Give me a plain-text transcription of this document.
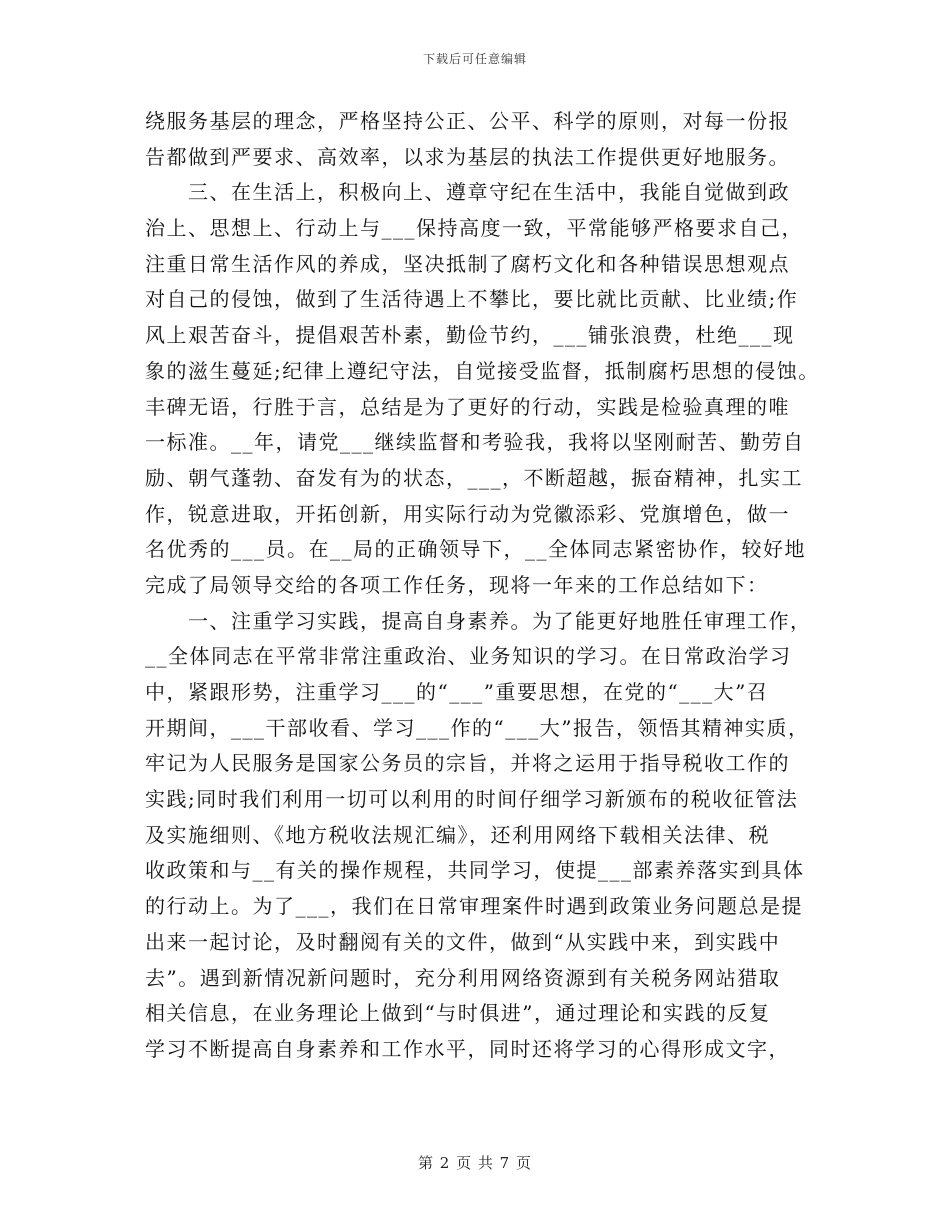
下载后可任意编辑
绕服务基层的理念，严格坚持公正、公平、科学的原则，对每一份报
告都做到严要求、高效率，以求为基层的执法工作提供更好地服务。
　　三、在生活上，积极向上、遵章守纪在生活中，我能自觉做到政
治上、思想上、行动上与___保持高度一致，平常能够严格要求自己，
注重日常生活作风的养成，坚决抵制了腐朽文化和各种错误思想观点
对自己的侵蚀，做到了生活待遇上不攀比，要比就比贡献、比业绩;作
风上艰苦奋斗，提倡艰苦朴素，勤俭节约，___铺张浪费，杜绝___现
象的滋生蔓延;纪律上遵纪守法，自觉接受监督，抵制腐朽思想的侵蚀。
丰碑无语，行胜于言，总结是为了更好的行动，实践是检验真理的唯
一标准。__年，请党___继续监督和考验我，我将以坚刚耐苦、勤劳自
励、朝气蓬勃、奋发有为的状态，___，不断超越，振奋精神，扎实工
作，锐意进取，开拓创新，用实际行动为党徽添彩、党旗增色，做一
名优秀的___员。在__局的正确领导下，__全体同志紧密协作，较好地
完成了局领导交给的各项工作任务，现将一年来的工作总结如下：
　　一、注重学习实践，提高自身素养。为了能更好地胜任审理工作，
__全体同志在平常非常注重政治、业务知识的学习。在日常政治学习
中，紧跟形势，注重学习___的“___”重要思想，在党的“___大”召
开期间，___干部收看、学习___作的“___大”报告，领悟其精神实质，
牢记为人民服务是国家公务员的宗旨，并将之运用于指导税收工作的
实践;同时我们利用一切可以利用的时间仔细学习新颁布的税收征管法
及实施细则、《地方税收法规汇编》，还利用网络下载相关法律、税
收政策和与__有关的操作规程，共同学习，使提___部素养落实到具体
的行动上。为了___，我们在日常审理案件时遇到政策业务问题总是提
出来一起讨论，及时翻阅有关的文件，做到“从实践中来，到实践中
去”。遇到新情况新问题时，充分利用网络资源到有关税务网站猎取
相关信息，在业务理论上做到“与时俱进”，通过理论和实践的反复
学习不断提高自身素养和工作水平，同时还将学习的心得形成文字，
第 2 页 共 7 页
